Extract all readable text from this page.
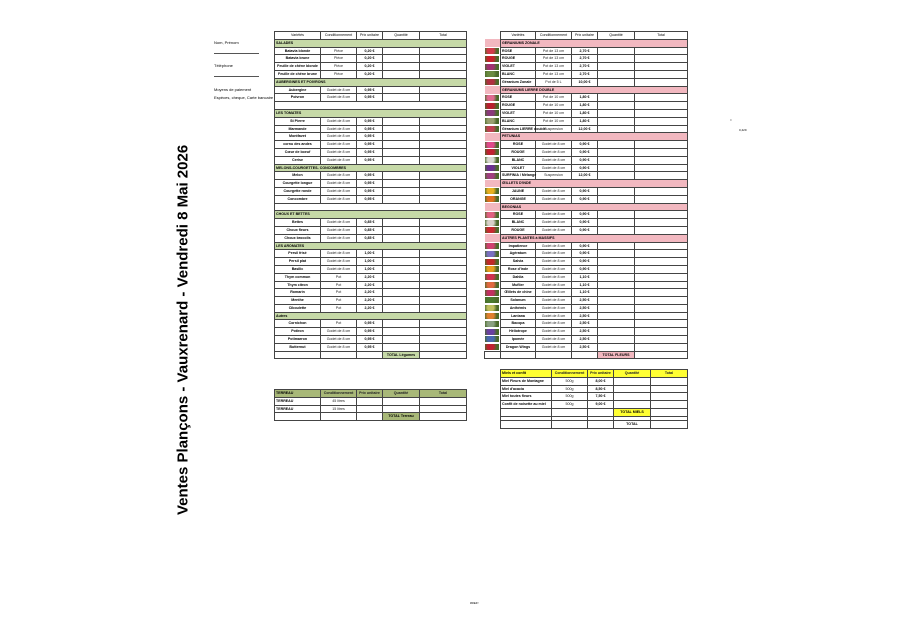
Ventes Plançons - Vauxrenard - Vendredi 8 Mai 2026
Nom, Prénom
Téléphone
Moyens de paiement
Espèces, cheque, Carte bancaire
Variétés	Conditionnement	Prix unitaire	Quantité	Total
SALADES				
Batavia blonde	Pièce	0,20 €		
Batavia brune	Pièce	0,20 €		
Feuille de chêne blonde	Pièce	0,20 €		
Feuille de chêne brune	Pièce	0,20 €		
AUBERGINES ET POIVRONS				
Aubergine	Godet de 8 cm	0,95 €		
Poivron	Godet de 8 cm	0,95 €		

LES TOMATES				
St Pierre	Godet de 8 cm	0,95 €		
Marmande	Godet de 8 cm	0,95 €		
Montfavet	Godet de 8 cm	0,95 €		
cornu des andes	Godet de 8 cm	0,95 €		
Cœur de boeuf	Godet de 8 cm	0,95 €		
Cerise	Godet de 8 cm	0,95 €		
MELONS-COURGETTES- CONCOMBRES				
Melon	Godet de 8 cm	0,95 €		
Courgette longue	Godet de 8 cm	0,95 €		
Courgette ronde	Godet de 8 cm	0,95 €		
Concombre	Godet de 8 cm	0,95 €		

CHOUX ET BETTES				
Bettes	Godet de 8 cm	0,85 €		
Choux fleurs	Godet de 8 cm	0,85 €		
Choux brocolis	Godet de 8 cm	0,85 €		
LES AROMATES				
Persil frisé	Godet de 8 cm	1,00 €		
Persil plat	Godet de 8 cm	1,00 €		
Basilic	Godet de 8 cm	1,00 €		
Thym commun	Pot	2,20 €		
Thym citron	Pot	2,20 €		
Romarin	Pot	2,20 €		
Menthe	Pot	2,20 €		
Ciboulette	Pot	2,20 €		
Autres				
Cornichon	Pot	0,95 €		
Potiron	Godet de 8 cm	0,95 €		
Potimarron	Godet de 8 cm	0,95 €		
Butternut	Godet de 8 cm	0,95 €		
			TOTAL Légumes	
TERREAU	Conditionnement	Prix unitaire	Quantité	Total
TERREAU	45 litres			
TERREAU	15 litres			
			TOTAL Terreau	
	Variétés	Conditionnement	Prix unitaire	Quantité	Total
	GERANIUMS ZONALE				

	ROSE	Pot de 13 cm	2,70 €		

	ROUGE	Pot de 13 cm	2,70 €		

	VIOLET	Pot de 13 cm	2,70 €		

	BLANC	Pot de 13 cm	2,70 €		

	Géranium Zonale	Pot de 5 L	10,00 €		
	GERANIUMS LIERRE DOUBLE				

	ROSE	Pot de 10 cm	1,80 €		

	ROUGE	Pot de 10 cm	1,80 €		

	VIOLET	Pot de 10 cm	1,80 €		

	BLANC	Pot de 10 cm	1,80 €		

	Géranium LIERRE double	Suspension	12,00 €		
	PETUNIAS				

	ROSE	Godet de 8 cm	0,90 €		

	ROUGE	Godet de 8 cm	0,90 €		

	BLANC	Godet de 8 cm	0,90 €		

	VIOLET	Godet de 8 cm	0,90 €		

	SURFINIA / Mélange	Suspension	12,00 €		
	ŒILLETS D'INDE				

	JAUNE	Godet de 8 cm	0,90 €		

	ORANGE	Godet de 8 cm	0,90 €		
	BEGONIAS				

	ROSE	Godet de 8 cm	0,90 €		

	BLANC	Godet de 8 cm	0,90 €		

	ROUGE	Godet de 8 cm	0,90 €		
	AUTRES PLANTES à MASSIFS				

	Impatience	Godet de 8 cm	0,90 €		

	Agératum	Godet de 8 cm	0,90 €		

	Salvia	Godet de 8 cm	0,90 €		

	Rose d'inde	Godet de 8 cm	0,90 €		

	Dahlia	Godet de 8 cm	1,10 €		

	Muflier	Godet de 8 cm	1,10 €		

	Œillets de chine	Godet de 8 cm	1,10 €		

	Solanum	Godet de 8 cm	2,50 €		

	Anthémis	Godet de 8 cm	2,50 €		

	Lantana	Godet de 8 cm	2,50 €		

	Bacopa	Godet de 8 cm	2,50 €		

	Héliotrope	Godet de 8 cm	2,50 €		

	Ipomée	Godet de 8 cm	2,50 €		

	Dragon Wings	Godet de 8 cm	2,50 €		
				TOTAL FLEURS	
Miels et confit	Conditionnement	Prix unitaire	Quantité	Total
Miel Fleurs de Montagne	500g	8,00 €		
Miel d'acacia	500g	8,50 €		
Miel toutes fleurs	500g	7,50 €		
Confit de noisette au miel	500g	9,00 €		
			TOTAL MIELS	

			TOTAL	
=
0,429
#REF!
